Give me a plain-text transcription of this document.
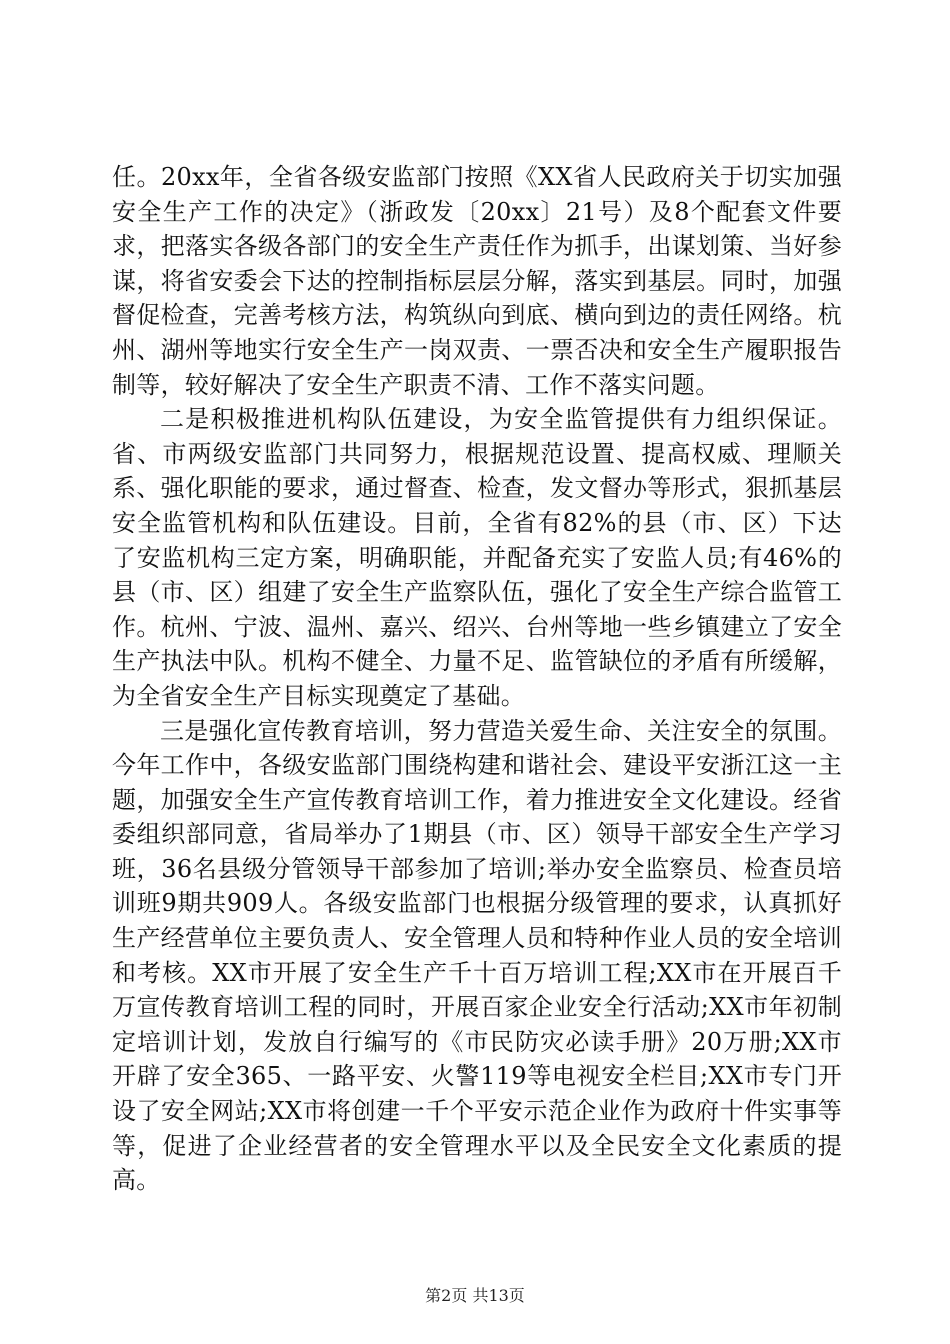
任。20xx年，全省各级安监部门按照《XX省人民政府关于切实加强安全生产工作的决定》（浙政发〔20xx〕21号）及8个配套文件要求，把落实各级各部门的安全生产责任作为抓手，出谋划策、当好参谋，将省安委会下达的控制指标层层分解，落实到基层。同时，加强督促检查，完善考核方法，构筑纵向到底、横向到边的责任网络。杭州、湖州等地实行安全生产一岗双责、一票否决和安全生产履职报告制等，较好解决了安全生产职责不清、工作不落实问题。

二是积极推进机构队伍建设，为安全监管提供有力组织保证。省、市两级安监部门共同努力，根据规范设置、提高权威、理顺关系、强化职能的要求，通过督查、检查，发文督办等形式，狠抓基层安全监管机构和队伍建设。目前，全省有82%的县（市、区）下达了安监机构三定方案，明确职能，并配备充实了安监人员;有46%的县（市、区）组建了安全生产监察队伍，强化了安全生产综合监管工作。杭州、宁波、温州、嘉兴、绍兴、台州等地一些乡镇建立了安全生产执法中队。机构不健全、力量不足、监管缺位的矛盾有所缓解，为全省安全生产目标实现奠定了基础。

三是强化宣传教育培训，努力营造关爱生命、关注安全的氛围。今年工作中，各级安监部门围绕构建和谐社会、建设平安浙江这一主题，加强安全生产宣传教育培训工作，着力推进安全文化建设。经省委组织部同意，省局举办了1期县（市、区）领导干部安全生产学习班，36名县级分管领导干部参加了培训;举办安全监察员、检查员培训班9期共909人。各级安监部门也根据分级管理的要求，认真抓好生产经营单位主要负责人、安全管理人员和特种作业人员的安全培训和考核。XX市开展了安全生产千十百万培训工程;XX市在开展百千万宣传教育培训工程的同时，开展百家企业安全行活动;XX市年初制定培训计划，发放自行编写的《市民防灾必读手册》20万册;XX市开辟了安全365、一路平安、火警119等电视安全栏目;XX市专门开设了安全网站;XX市将创建一千个平安示范企业作为政府十件实事等等，促进了企业经营者的安全管理水平以及全民安全文化素质的提高。

第2页 共13页
